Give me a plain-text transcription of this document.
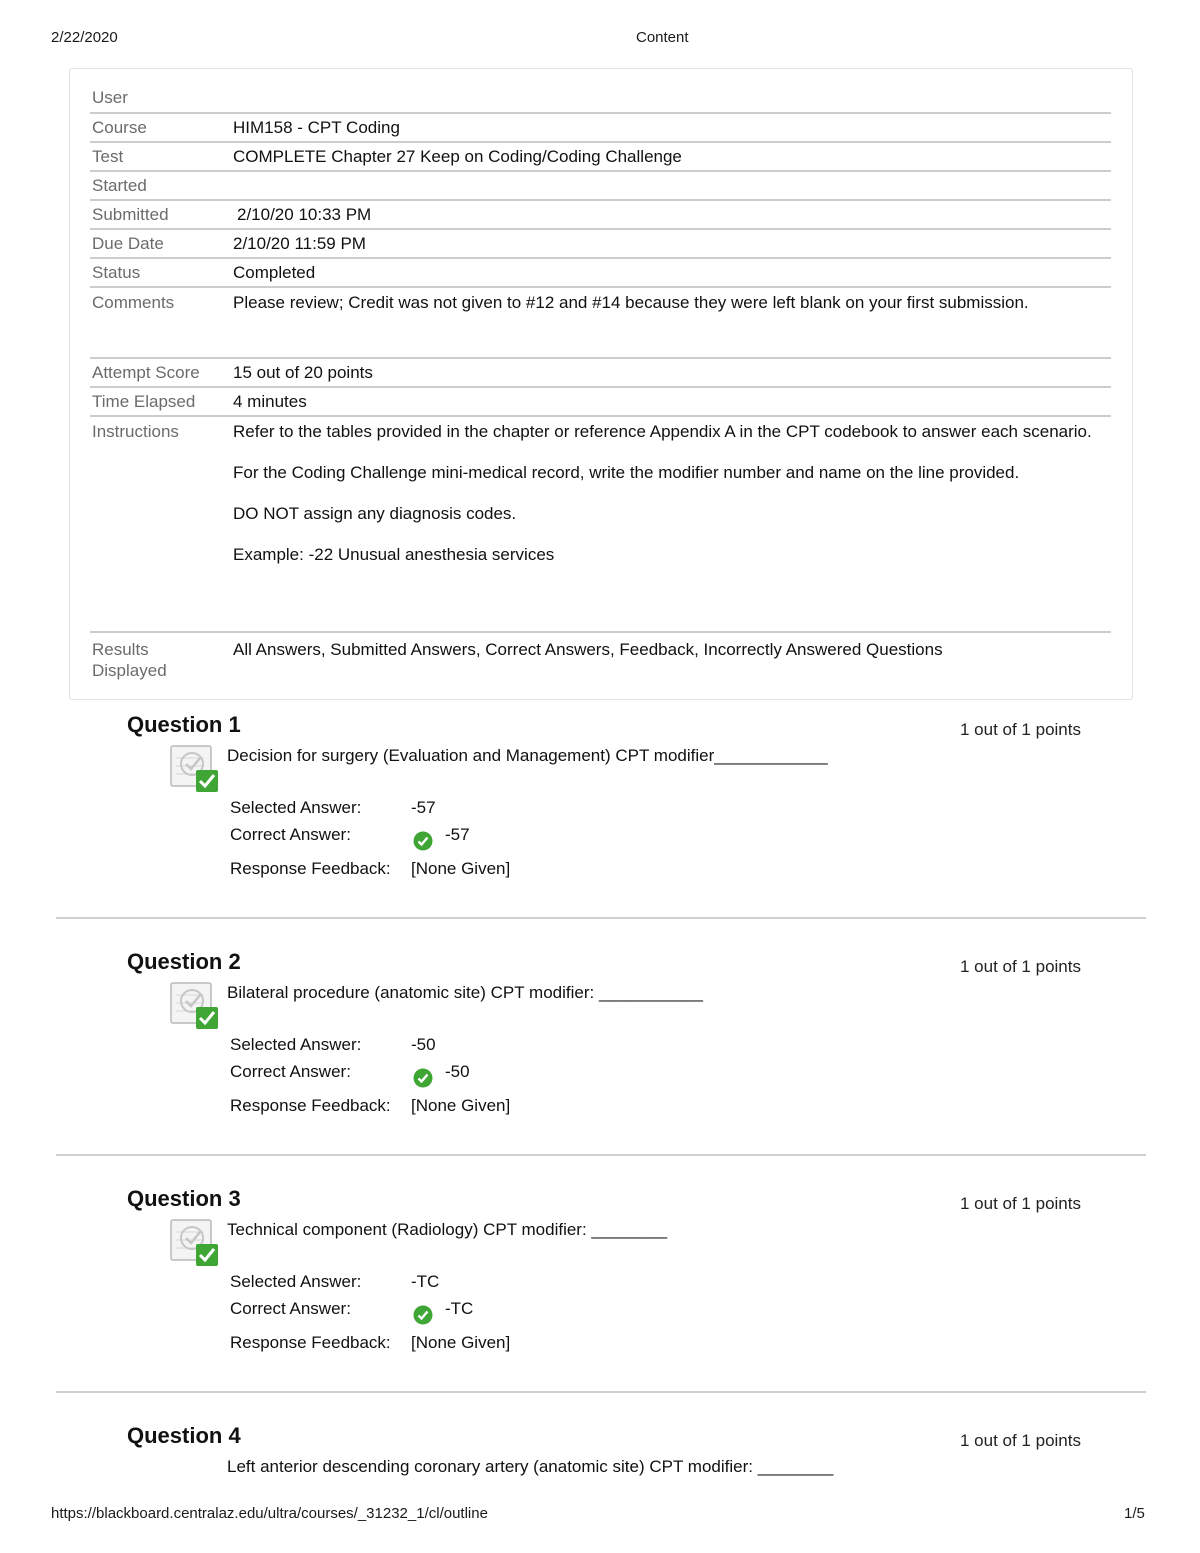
2/22/2020	Content
User	
Course	HIM158 - CPT Coding
Test	COMPLETE Chapter 27 Keep on Coding/Coding Challenge
Started	
Submitted	2/10/20 10:33 PM
Due Date	2/10/20 11:59 PM
Status	Completed
Comments	Please review; Credit was not given to #12 and #14 because they were left blank on your first submission.
Attempt Score	15 out of 20 points
Time Elapsed	4 minutes
Instructions	Refer to the tables provided in the chapter or reference Appendix A in the CPT codebook to answer each scenario.

For the Coding Challenge mini-medical record, write the modifier number and name on the line provided.

DO NOT assign any diagnosis codes.

Example: -22 Unusual anesthesia services

Results
Displayed	All Answers, Submitted Answers, Correct Answers, Feedback, Incorrectly Answered Questions
Question 1	1 out of 1 points
Decision for surgery (Evaluation and Management) CPT modifier____________
Selected Answer:	-57
Correct Answer:	-57
Response Feedback: [None Given]
Question 2	1 out of 1 points
Bilateral procedure (anatomic site) CPT modifier: ___________
Selected Answer:	-50
Correct Answer:	-50
Response Feedback: [None Given]
Question 3	1 out of 1 points
Technical component (Radiology) CPT modifier: ________
Selected Answer:	-TC
Correct Answer:	-TC
Response Feedback: [None Given]
Question 4	1 out of 1 points
Left anterior descending coronary artery (anatomic site) CPT modifier: ________
https://blackboard.centralaz.edu/ultra/courses/_31232_1/cl/outline	1/5
